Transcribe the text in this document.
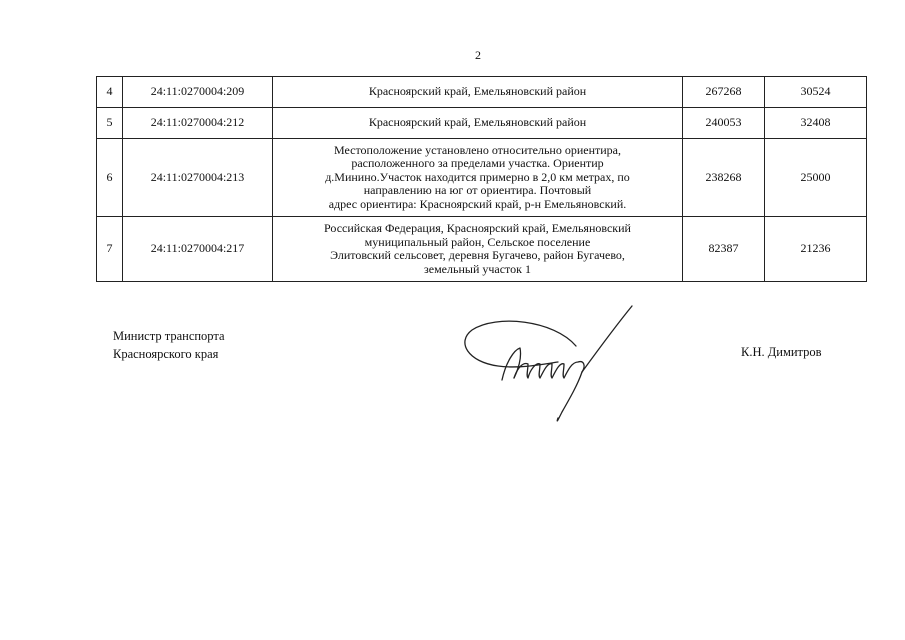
2
4	24:11:0270004:209	Красноярский край, Емельяновский район	267268	30524
5	24:11:0270004:212	Красноярский край, Емельяновский район	240053	32408
6	24:11:0270004:213	Местоположение установлено относительно ориентира,
расположенного за пределами участка. Ориентир
д.Минино.Участок находится примерно в 2,0 км метрах, по
направлению на юг от ориентира. Почтовый
адрес ориентира: Красноярский край, р-н Емельяновский.	238268	25000
7	24:11:0270004:217	Российская Федерация, Красноярский край, Емельяновский
муниципальный район, Сельское поселение
Элитовский сельсовет, деревня Бугачево, район Бугачево,
земельный участок 1	82387	21236
Министр транспорта
Красноярского края	К.Н. Димитров
